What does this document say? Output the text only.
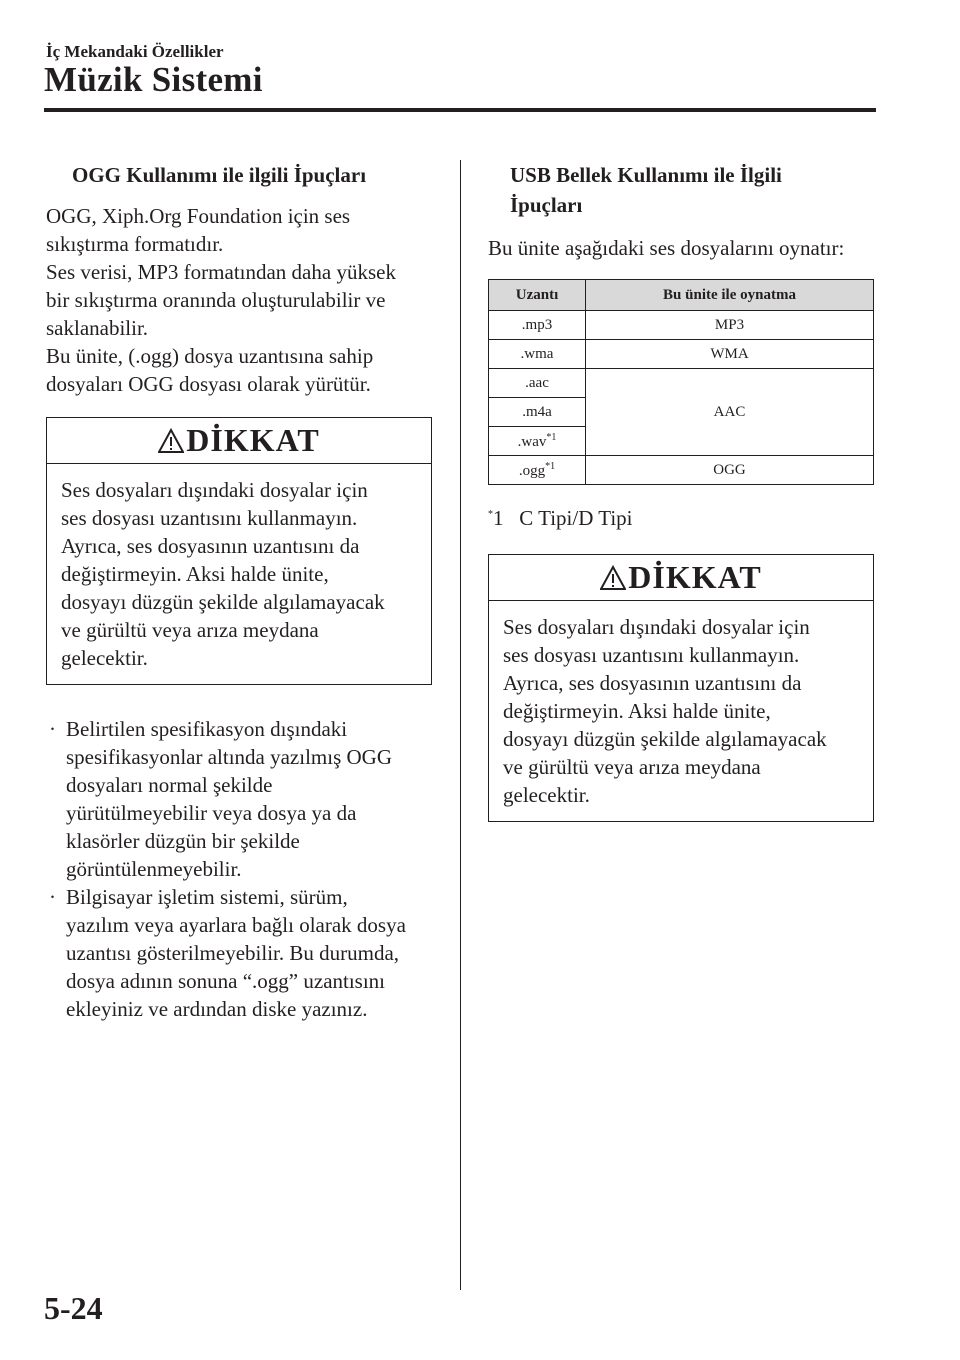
İç Mekandaki Özellikler
Müzik Sistemi
OGG Kullanımı ile ilgili İpuçları

OGG, Xiph.Org Foundation için ses

sıkıştırma formatıdır.

Ses verisi, MP3 formatından daha yüksek

bir sıkıştırma oranında oluşturulabilir ve

saklanabilir.

Bu ünite, (.ogg) dosya uzantısına sahip

dosyaları OGG dosyası olarak yürütür.

DİKKAT

Ses dosyaları dışındaki dosyalar için

ses dosyası uzantısını kullanmayın.

Ayrıca, ses dosyasının uzantısını da

değiştirmeyin. Aksi halde ünite,

dosyayı düzgün şekilde algılamayacak

ve gürültü veya arıza meydana

gelecektir.

· Belirtilen spesifikasyon dışındaki
spesifikasyonlar altında yazılmış OGG
dosyaları normal şekilde
yürütülmeyebilir veya dosya ya da
klasörler düzgün bir şekilde
görüntülenmeyebilir.
· Bilgisayar işletim sistemi, sürüm,
yazılım veya ayarlara bağlı olarak dosya
uzantısı gösterilmeyebilir. Bu durumda,
dosya adının sonuna “.ogg” uzantısını
ekleyiniz ve ardından diske yazınız.
USB Bellek Kullanımı ile İlgili
İpuçları

Bu ünite aşağıdaki ses dosyalarını oynatır:

Uzantı	Bu ünite ile oynatma
.mp3	MP3
.wma	WMA
.aac	AAC
.m4a	
.wav$^{*1}$
.ogg$^{*1}$	OGG
*1 C Tipi/D Tipi
DİKKAT

Ses dosyaları dışındaki dosyalar için

ses dosyası uzantısını kullanmayın.

Ayrıca, ses dosyasının uzantısını da

değiştirmeyin. Aksi halde ünite,

dosyayı düzgün şekilde algılamayacak

ve gürültü veya arıza meydana

gelecektir.

5-24
